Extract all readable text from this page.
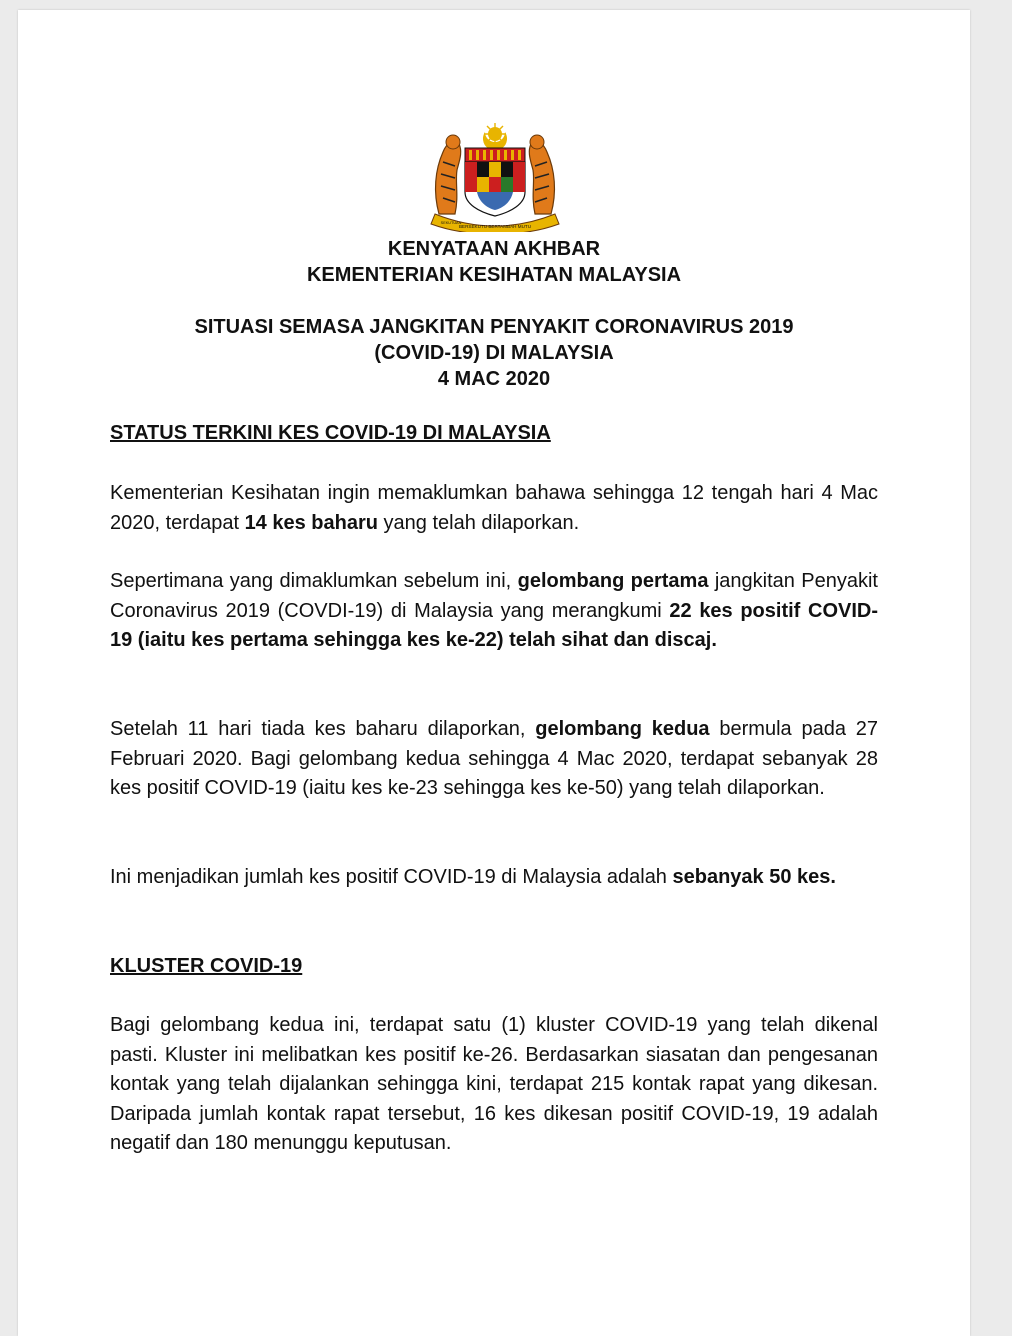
BERSEKUTU BERTAMBAH MUTU
SEKUTUAN
KENYATAAN AKHBAR
KEMENTERIAN KESIHATAN MALAYSIA
SITUASI SEMASA JANGKITAN PENYAKIT CORONAVIRUS 2019
(COVID-19) DI MALAYSIA
4 MAC 2020

STATUS TERKINI KES COVID-19 DI MALAYSIA

Kementerian Kesihatan ingin memaklumkan bahawa sehingga 12 tengah hari 4 Mac 2020, terdapat 14 kes baharu yang telah dilaporkan.

Sepertimana yang dimaklumkan sebelum ini, gelombang pertama jangkitan Penyakit Coronavirus 2019 (COVDI-19) di Malaysia yang merangkumi 22 kes positif COVID-19 (iaitu kes pertama sehingga kes ke-22) telah sihat dan discaj.

Setelah 11 hari tiada kes baharu dilaporkan, gelombang kedua bermula pada 27 Februari 2020. Bagi gelombang kedua sehingga 4 Mac 2020, terdapat sebanyak 28 kes positif COVID-19 (iaitu kes ke-23 sehingga kes ke-50) yang telah dilaporkan.

Ini menjadikan jumlah kes positif COVID-19 di Malaysia adalah sebanyak 50 kes.

KLUSTER COVID-19

Bagi gelombang kedua ini, terdapat satu (1) kluster COVID-19 yang telah dikenal pasti. Kluster ini melibatkan kes positif ke-26. Berdasarkan siasatan dan pengesanan kontak yang telah dijalankan sehingga kini, terdapat 215 kontak rapat yang dikesan. Daripada jumlah kontak rapat tersebut, 16 kes dikesan positif COVID-19, 19 adalah negatif dan 180 menunggu keputusan.
